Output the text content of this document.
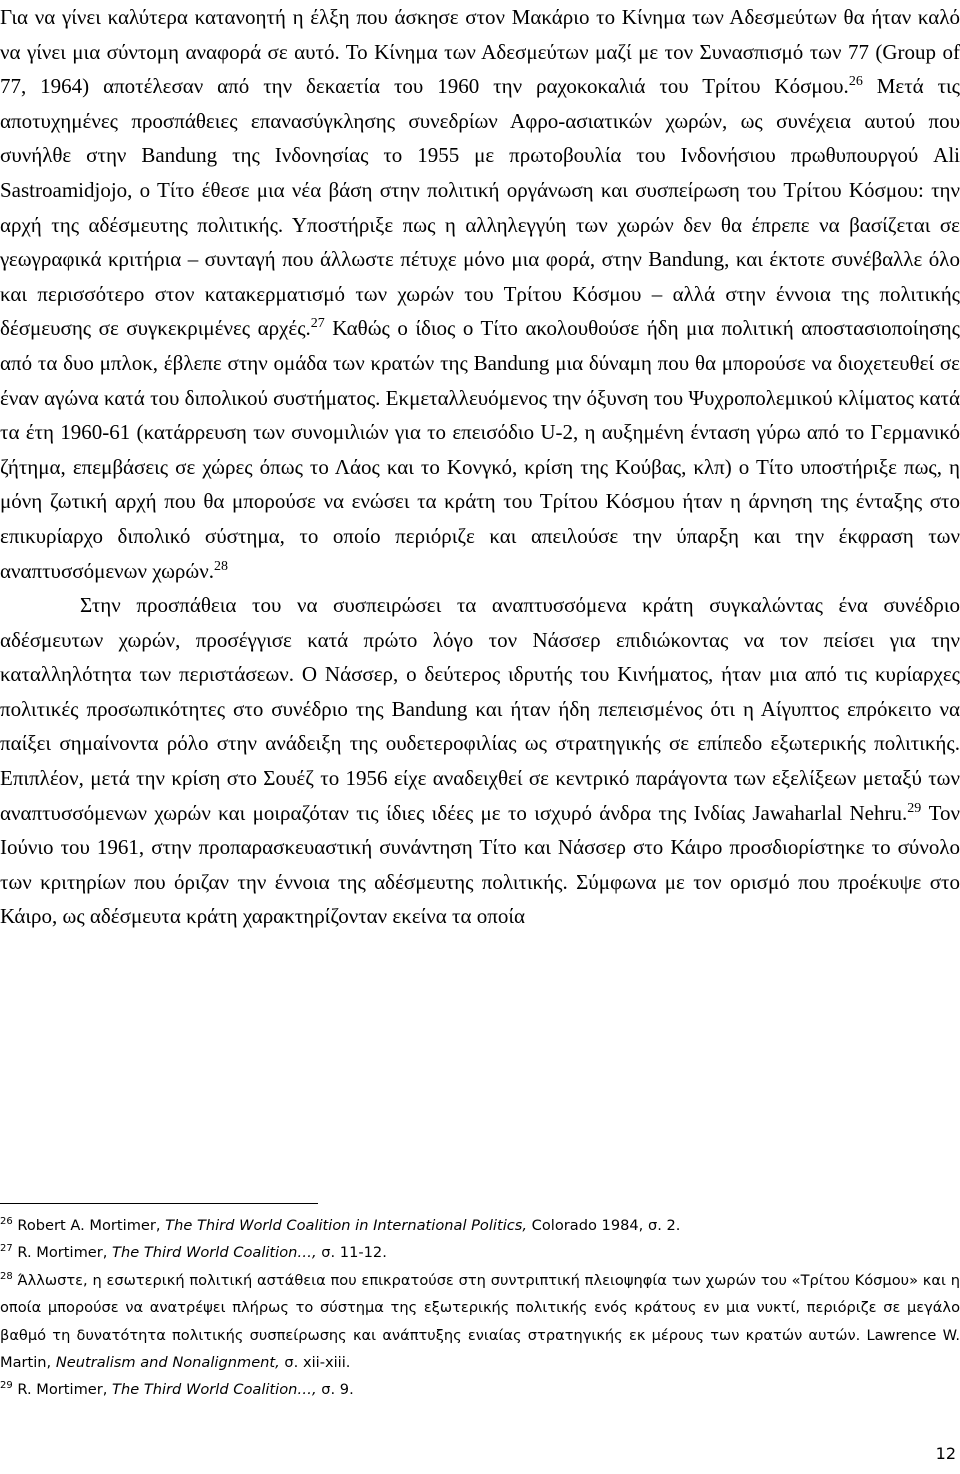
Για να γίνει καλύτερα κατανοητή η έλξη που άσκησε στον Μακάριο το Κίνημα των Αδεσμεύτων θα ήταν καλό να γίνει μια σύντομη αναφορά σε αυτό. Το Κίνημα των Αδεσμεύτων μαζί με τον Συνασπισμό των 77 (Group of 77, 1964) αποτέλεσαν από την δεκαετία του 1960 την ραχοκοκαλιά του Τρίτου Κόσμου.$^{26}$ Μετά τις αποτυχημένες προσπάθειες επανασύγκλησης συνεδρίων Αφρο-ασιατικών χωρών, ως συνέχεια αυτού που συνήλθε στην Bandung της Ινδονησίας το 1955 με πρωτοβουλία του Ινδονήσιου πρωθυπουργού Ali Sastroamidjojo, ο Τίτο έθεσε μια νέα βάση στην πολιτική οργάνωση και συσπείρωση του Τρίτου Κόσμου: την αρχή της αδέσμευτης πολιτικής. Υποστήριξε πως η αλληλεγγύη των χωρών δεν θα έπρεπε να βασίζεται σε γεωγραφικά κριτήρια – συνταγή που άλλωστε πέτυχε μόνο μια φορά, στην Bandung, και έκτοτε συνέβαλλε όλο και περισσότερο στον κατακερματισμό των χωρών του Τρίτου Κόσμου – αλλά στην έννοια της πολιτικής δέσμευσης σε συγκεκριμένες αρχές.$^{27}$ Καθώς ο ίδιος ο Τίτο ακολουθούσε ήδη μια πολιτική αποστασιοποίησης από τα δυο μπλοκ, έβλεπε στην ομάδα των κρατών της Bandung μια δύναμη που θα μπορούσε να διοχετευθεί σε έναν αγώνα κατά του διπολικού συστήματος. Εκμεταλλευόμενος την όξυνση του Ψυχροπολεμικού κλίματος κατά τα έτη 1960-61 (κατάρρευση των συνομιλιών για το επεισόδιο U-2, η αυξημένη ένταση γύρω από το Γερμανικό ζήτημα, επεμβάσεις σε χώρες όπως το Λάος και το Κονγκό, κρίση της Κούβας, κλπ) ο Τίτο υποστήριξε πως, η μόνη ζωτική αρχή που θα μπορούσε να ενώσει τα κράτη του Τρίτου Κόσμου ήταν η άρνηση της ένταξης στο επικυρίαρχο διπολικό σύστημα, το οποίο περιόριζε και απειλούσε την ύπαρξη και την έκφραση των αναπτυσσόμενων χωρών.$^{28}$

Στην προσπάθεια του να συσπειρώσει τα αναπτυσσόμενα κράτη συγκαλώντας ένα συνέδριο αδέσμευτων χωρών, προσέγγισε κατά πρώτο λόγο τον Νάσσερ επιδιώκοντας να τον πείσει για την καταλληλότητα των περιστάσεων. Ο Νάσσερ, ο δεύτερος ιδρυτής του Κινήματος, ήταν μια από τις κυρίαρχες πολιτικές προσωπικότητες στο συνέδριο της Bandung και ήταν ήδη πεπεισμένος ότι η Αίγυπτος επρόκειτο να παίξει σημαίνοντα ρόλο στην ανάδειξη της ουδετεροφιλίας ως στρατηγικής σε επίπεδο εξωτερικής πολιτικής. Επιπλέον, μετά την κρίση στο Σουέζ το 1956 είχε αναδειχθεί σε κεντρικό παράγοντα των εξελίξεων μεταξύ των αναπτυσσόμενων χωρών και μοιραζόταν τις ίδιες ιδέες με το ισχυρό άνδρα της Ινδίας Jawaharlal Nehru.$^{29}$ Τον Ιούνιο του 1961, στην προπαρασκευαστική συνάντηση Τίτο και Νάσσερ στο Κάιρο προσδιορίστηκε το σύνολο των κριτηρίων που όριζαν την έννοια της αδέσμευτης πολιτικής. Σύμφωνα με τον ορισμό που προέκυψε στο Κάιρο, ως αδέσμευτα κράτη χαρακτηρίζονταν εκείνα τα οποία

$^{26}$ Robert A. Mortimer, The Third World Coalition in International Politics, Colorado 1984, σ. 2.

$^{27}$ R. Mortimer, The Third World Coalition…, σ. 11-12.

$^{28}$ Άλλωστε, η εσωτερική πολιτική αστάθεια που επικρατούσε στη συντριπτική πλειοψηφία των χωρών του «Τρίτου Κόσμου» και η οποία μπορούσε να ανατρέψει πλήρως το σύστημα της εξωτερικής πολιτικής ενός κράτους εν μια νυκτί, περιόριζε σε μεγάλο βαθμό τη δυνατότητα πολιτικής συσπείρωσης και ανάπτυξης ενιαίας στρατηγικής εκ μέρους των κρατών αυτών. Lawrence W. Martin, Neutralism and Nonalignment, σ. xii-xiii.

$^{29}$ R. Mortimer, The Third World Coalition…, σ. 9.

12
